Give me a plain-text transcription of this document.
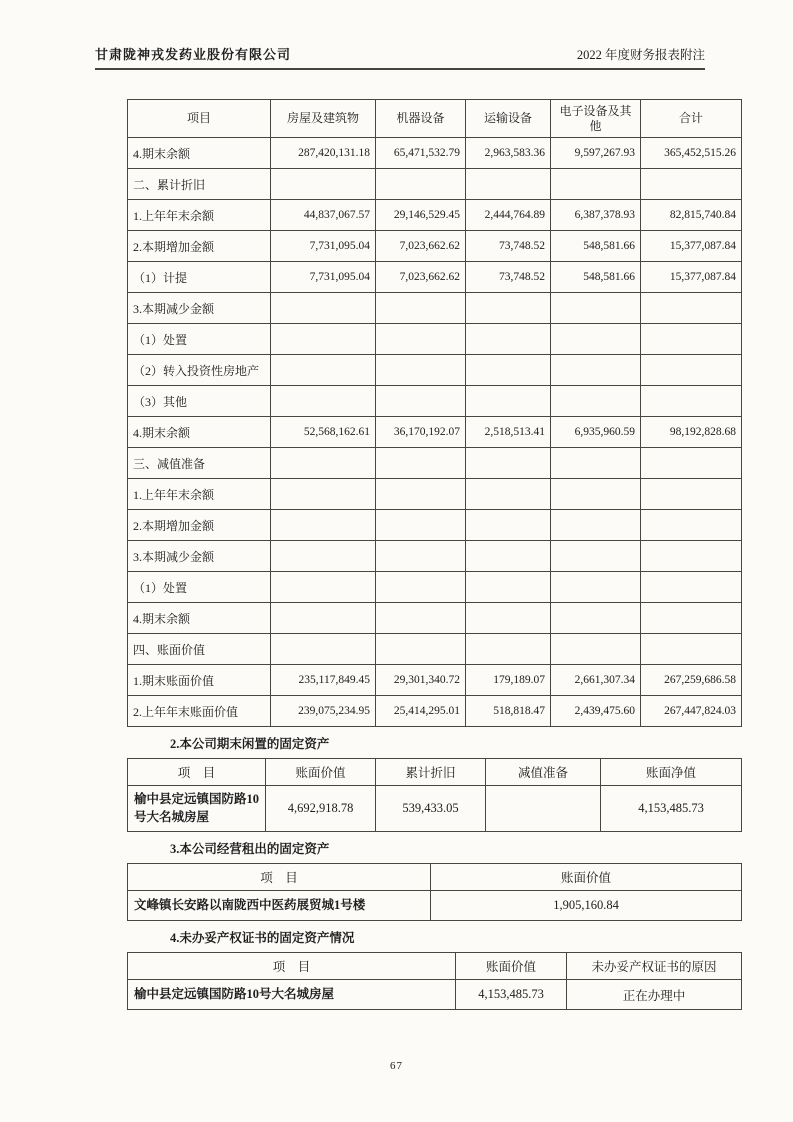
甘肃陇神戎发药业股份有限公司	2022 年度财务报表附注
项目	房屋及建筑物	机器设备	运输设备	电子设备及其他	合计
4.期末余额	287,420,131.18	65,471,532.79	2,963,583.36	9,597,267.93	365,452,515.26
二、累计折旧					
1.上年年末余额	44,837,067.57	29,146,529.45	2,444,764.89	6,387,378.93	82,815,740.84
2.本期增加金额	7,731,095.04	7,023,662.62	73,748.52	548,581.66	15,377,087.84
（1）计提	7,731,095.04	7,023,662.62	73,748.52	548,581.66	15,377,087.84
3.本期减少金额					
（1）处置					
（2）转入投资性房地产					
（3）其他					
4.期末余额	52,568,162.61	36,170,192.07	2,518,513.41	6,935,960.59	98,192,828.68
三、减值准备					
1.上年年末余额					
2.本期增加金额					
3.本期减少金额					
（1）处置					
4.期末余额					
四、账面价值					
1.期末账面价值	235,117,849.45	29,301,340.72	179,189.07	2,661,307.34	267,259,686.58
2.上年年末账面价值	239,075,234.95	25,414,295.01	518,818.47	2,439,475.60	267,447,824.03
2.本公司期末闲置的固定资产
项　目	账面价值	累计折旧	减值准备	账面净值
榆中县定远镇国防路10号大名城房屋	4,692,918.78	539,433.05		4,153,485.73
3.本公司经营租出的固定资产
项　目	账面价值
文峰镇长安路以南陇西中医药展贸城1号楼	1,905,160.84
4.未办妥产权证书的固定资产情况
项　目	账面价值	未办妥产权证书的原因
榆中县定远镇国防路10号大名城房屋	4,153,485.73	正在办理中
67
